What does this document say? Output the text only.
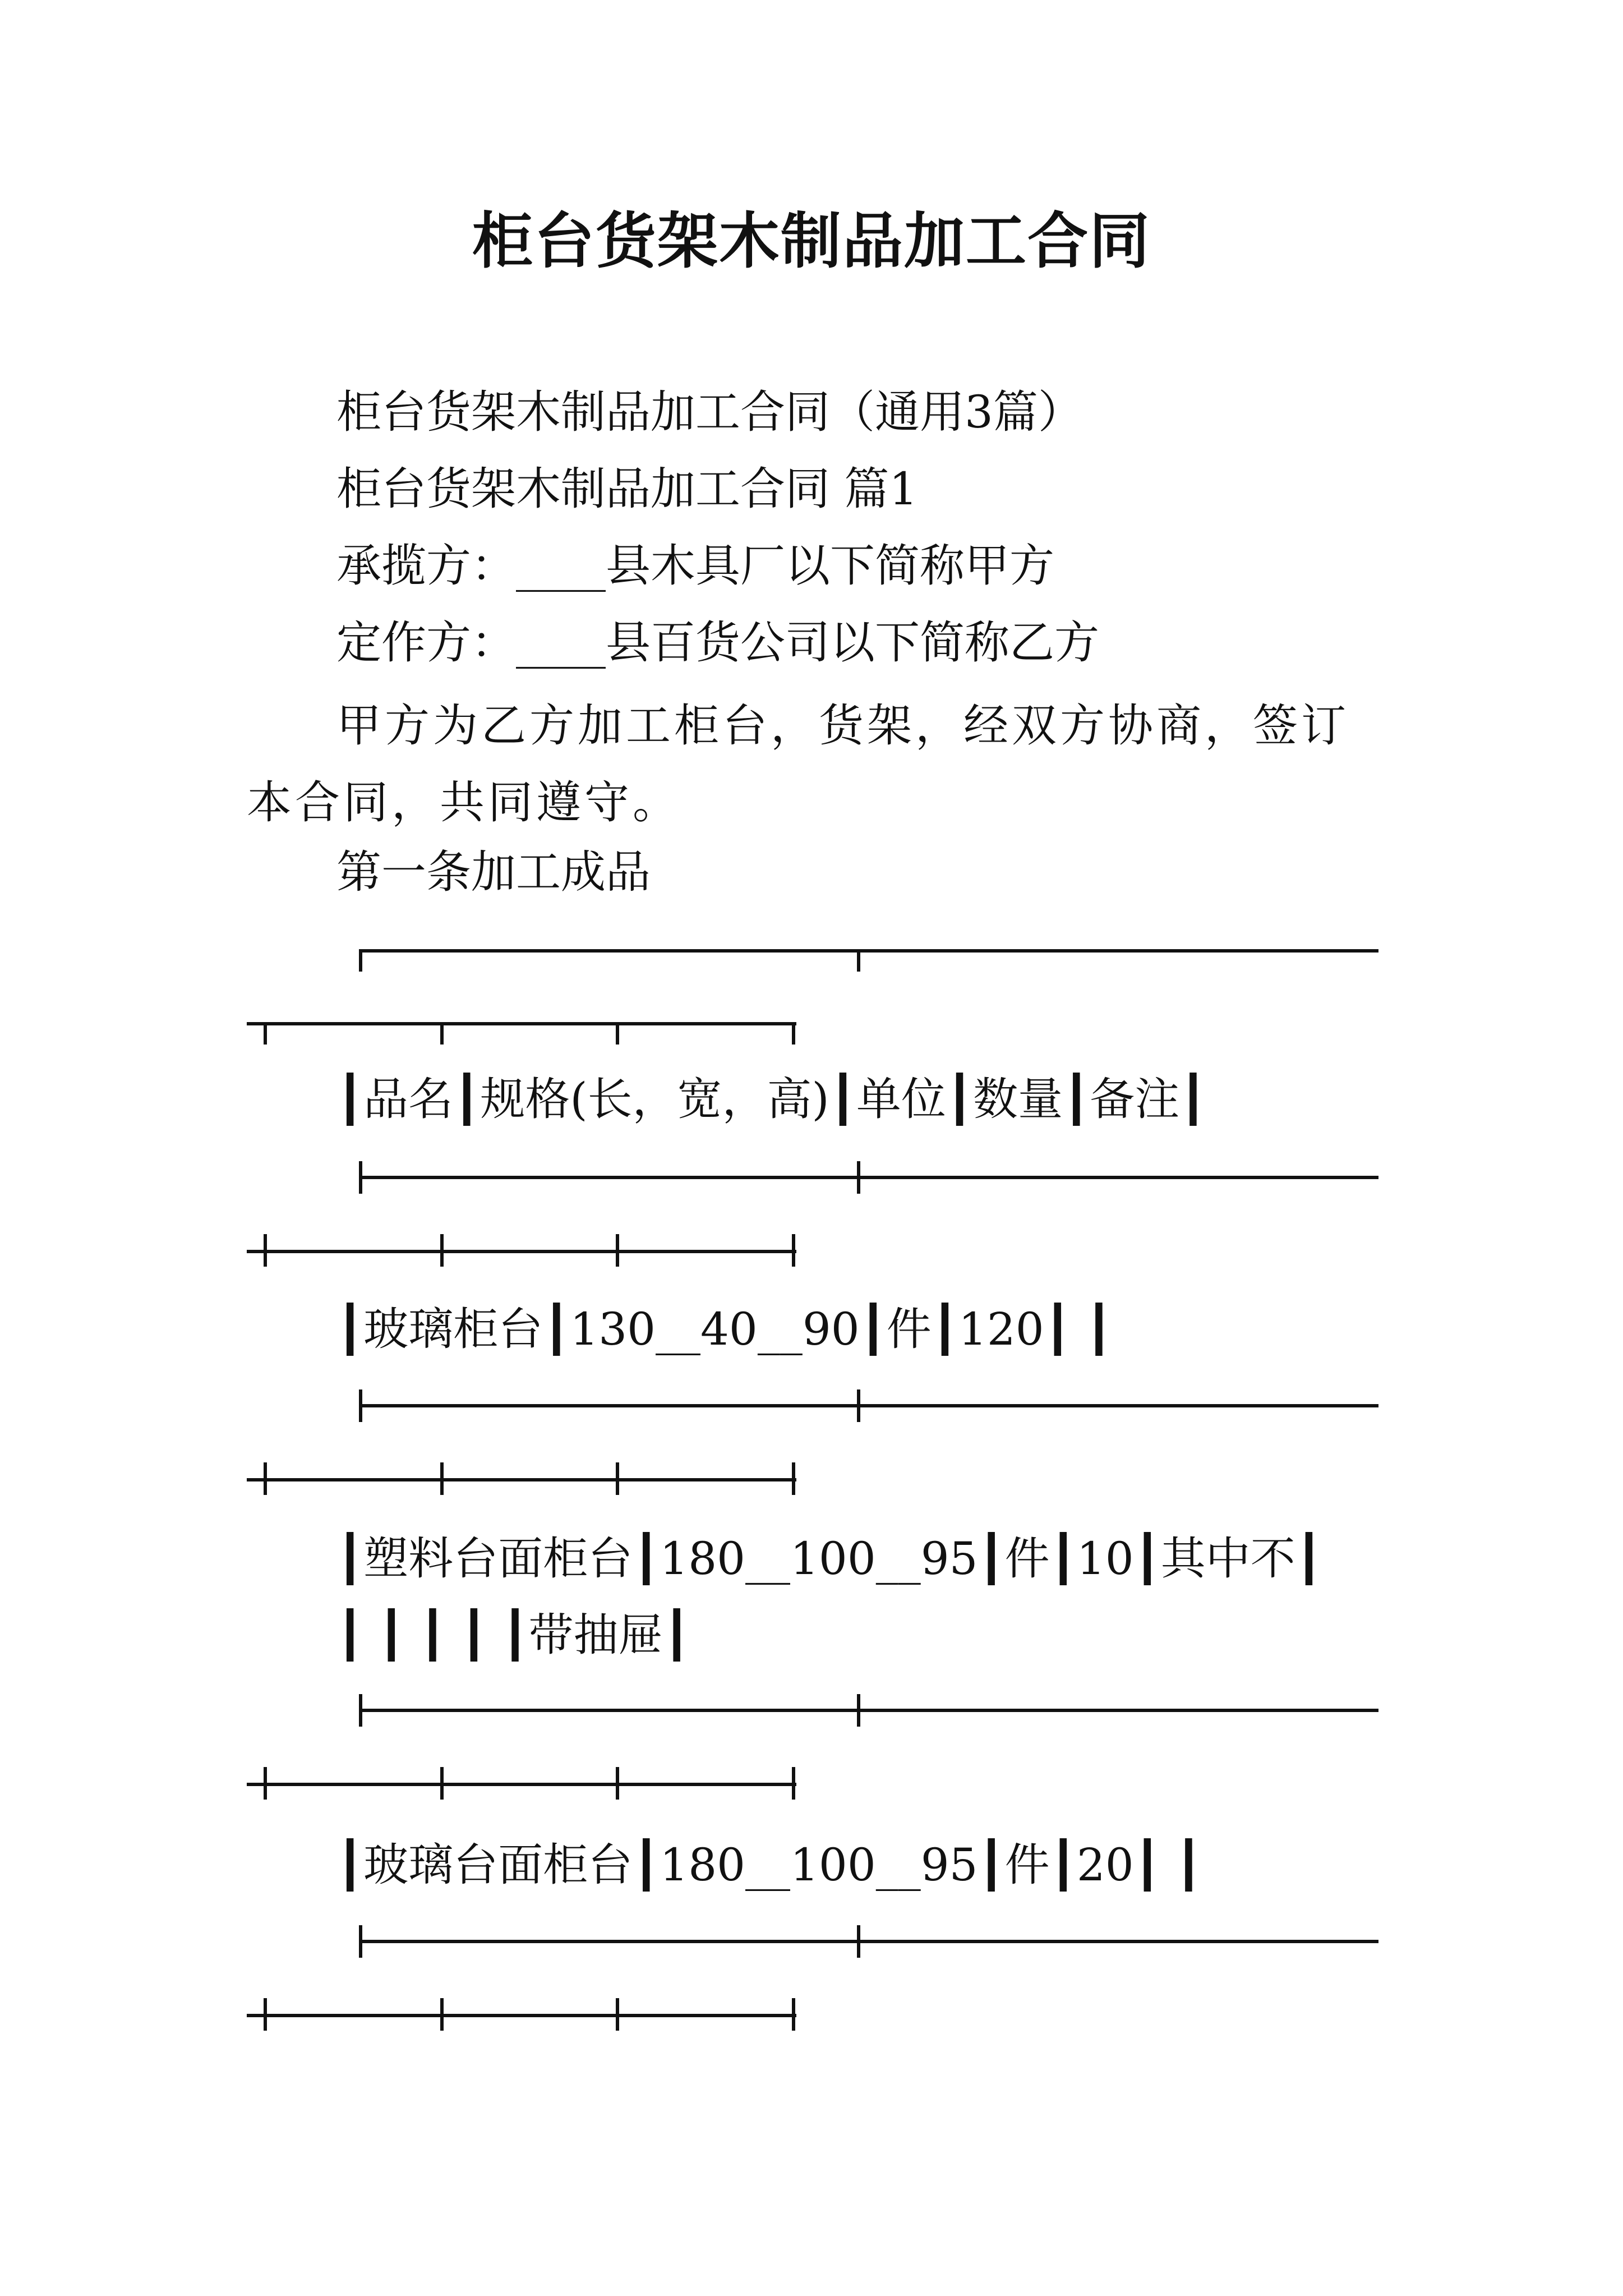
柜台货架木制品加工合同
柜台货架木制品加工合同（通用3篇）
柜台货架木制品加工合同 篇1
承揽方：____县木具厂以下简称甲方
定作方：____县百货公司以下简称乙方
甲方为乙方加工柜台，货架，经双方协商，签订本合同，共同遵守。
第一条加工成品
┃品名┃规格(长，宽，高)┃单位┃数量┃备注┃
┃玻璃柜台┃130__40__90┃件┃120┃ ┃
┃塑料台面柜台┃180__100__95┃件┃10┃其中不┃
┃ ┃ ┃ ┃ ┃带抽屉┃
┃玻璃台面柜台┃180__100__95┃件┃20┃ ┃
